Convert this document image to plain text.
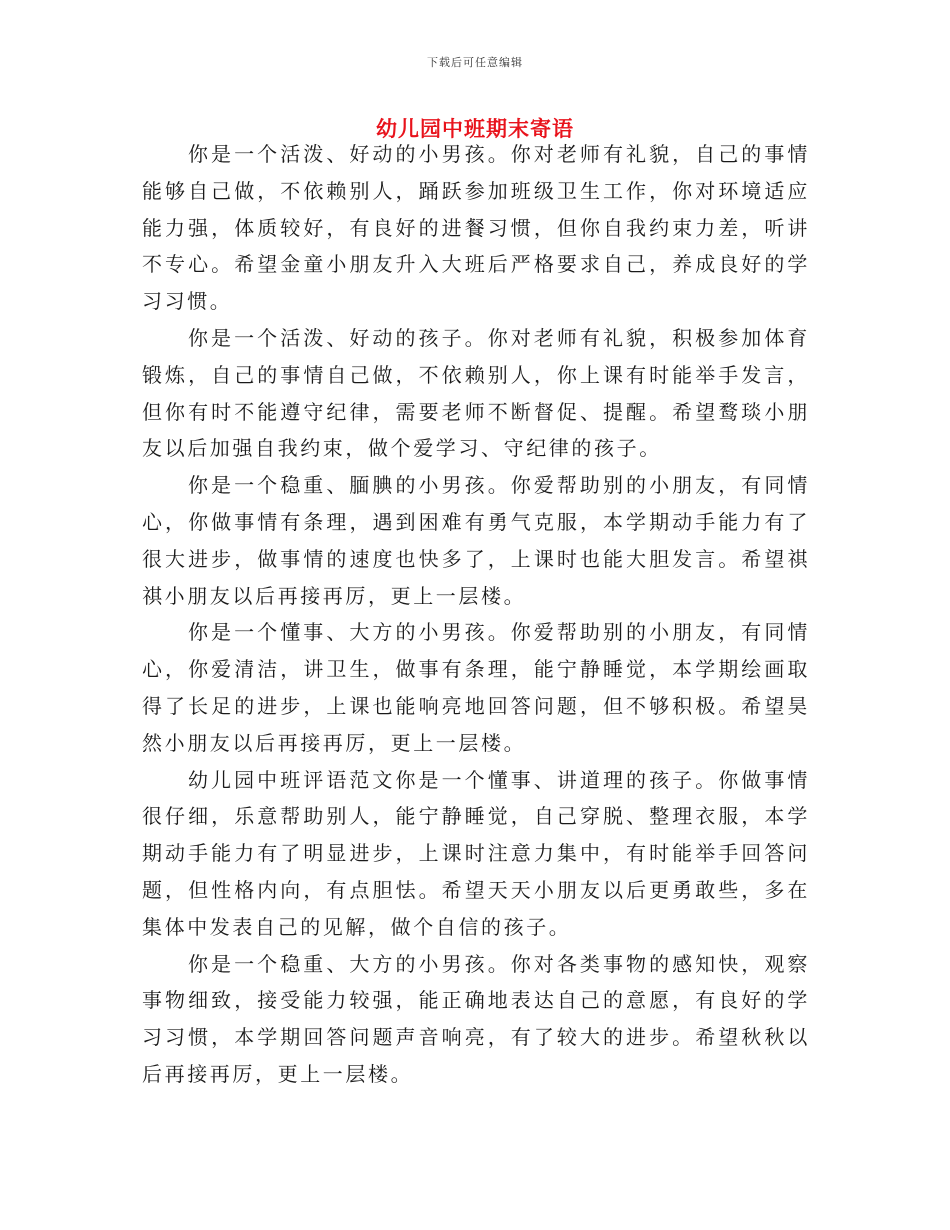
下载后可任意编辑
幼儿园中班期末寄语

你是一个活泼、好动的小男孩。你对老师有礼貌，自己的事情能够自己做，不依赖别人，踊跃参加班级卫生工作，你对环境适应能力强，体质较好，有良好的进餐习惯，但你自我约束力差，听讲不专心。希望金童小朋友升入大班后严格要求自己，养成良好的学习习惯。

你是一个活泼、好动的孩子。你对老师有礼貌，积极参加体育锻炼，自己的事情自己做，不依赖别人，你上课有时能举手发言，但你有时不能遵守纪律，需要老师不断督促、提醒。希望鹜琰小朋友以后加强自我约束，做个爱学习、守纪律的孩子。

你是一个稳重、腼腆的小男孩。你爱帮助别的小朋友，有同情心，你做事情有条理，遇到困难有勇气克服，本学期动手能力有了很大进步，做事情的速度也快多了，上课时也能大胆发言。希望祺祺小朋友以后再接再厉，更上一层楼。

你是一个懂事、大方的小男孩。你爱帮助别的小朋友，有同情心，你爱清洁，讲卫生，做事有条理，能宁静睡觉，本学期绘画取得了长足的进步，上课也能响亮地回答问题，但不够积极。希望昊然小朋友以后再接再厉，更上一层楼。

幼儿园中班评语范文你是一个懂事、讲道理的孩子。你做事情很仔细，乐意帮助别人，能宁静睡觉，自己穿脱、整理衣服，本学期动手能力有了明显进步，上课时注意力集中，有时能举手回答问题，但性格内向，有点胆怯。希望天天小朋友以后更勇敢些，多在集体中发表自己的见解，做个自信的孩子。

你是一个稳重、大方的小男孩。你对各类事物的感知快，观察事物细致，接受能力较强，能正确地表达自己的意愿，有良好的学习习惯，本学期回答问题声音响亮，有了较大的进步。希望秋秋以后再接再厉，更上一层楼。
